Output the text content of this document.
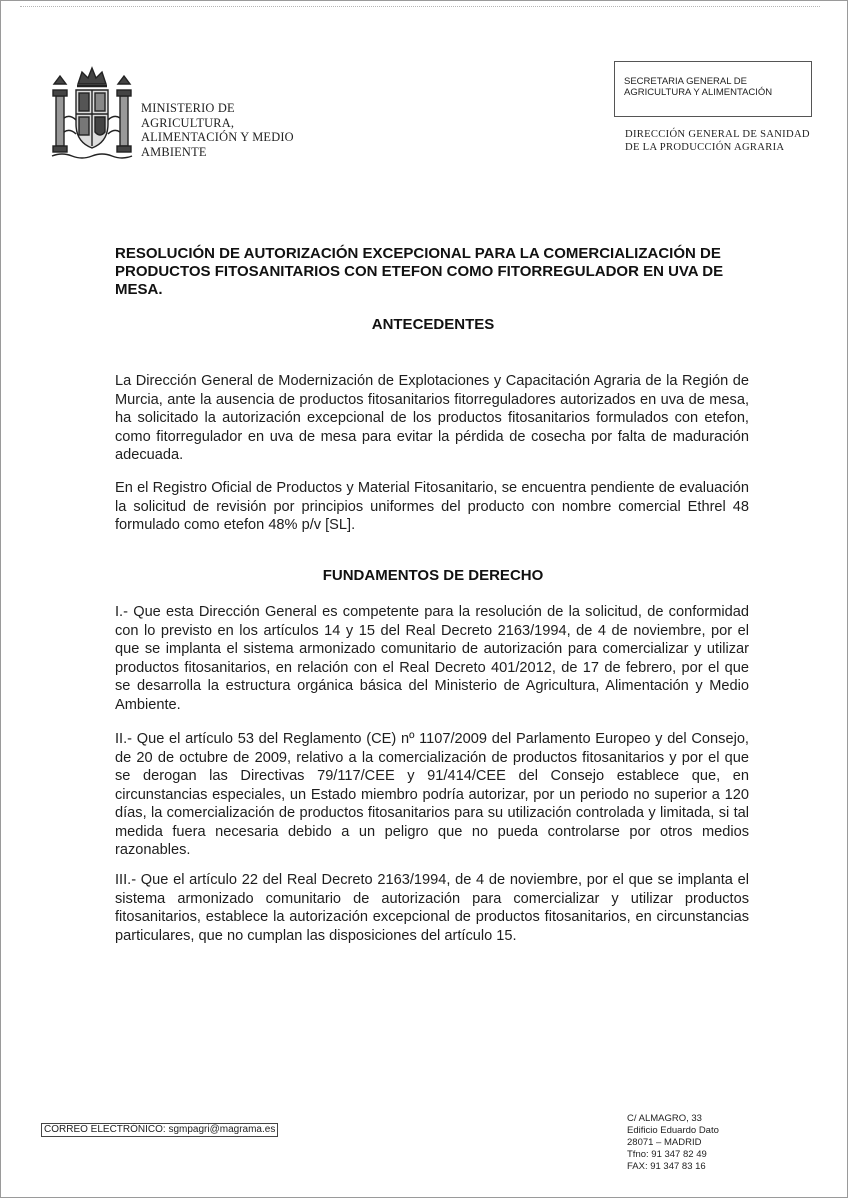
MINISTERIO DE
AGRICULTURA,
ALIMENTACIÓN Y MEDIO
AMBIENTE
SECRETARIA GENERAL DE
AGRICULTURA Y ALIMENTACIÓN
DIRECCIÓN GENERAL DE SANIDAD
DE LA PRODUCCIÓN AGRARIA
RESOLUCIÓN DE AUTORIZACIÓN EXCEPCIONAL PARA LA COMERCIALIZACIÓN DE PRODUCTOS FITOSANITARIOS CON ETEFON COMO FITORREGULADOR EN UVA DE MESA.
ANTECEDENTES
La Dirección General de Modernización de Explotaciones y Capacitación Agraria de la Región de Murcia, ante la ausencia de productos fitosanitarios fitorreguladores autorizados en uva de mesa, ha solicitado la autorización excepcional de los productos fitosanitarios formulados con etefon, como fitorregulador en uva de mesa para evitar la pérdida de cosecha por falta de maduración adecuada.
En el Registro Oficial de Productos y Material Fitosanitario, se encuentra pendiente de evaluación la solicitud de revisión por principios uniformes del producto con nombre comercial Ethrel 48 formulado como etefon 48% p/v [SL].
FUNDAMENTOS DE DERECHO
I.- Que esta Dirección General es competente para la resolución de la solicitud, de conformidad con lo previsto en los artículos 14 y 15 del Real Decreto 2163/1994, de 4 de noviembre, por el que se implanta el sistema armonizado comunitario de autorización para comercializar y utilizar productos fitosanitarios, en relación con el Real Decreto 401/2012, de 17 de febrero, por el que se desarrolla la estructura orgánica básica del Ministerio de Agricultura, Alimentación y Medio Ambiente.
II.- Que el artículo 53 del Reglamento (CE) nº 1107/2009 del Parlamento Europeo y del Consejo, de 20 de octubre de 2009, relativo a la comercialización de productos fitosanitarios y por el que se derogan las Directivas 79/117/CEE y 91/414/CEE del Consejo establece que, en circunstancias especiales, un Estado miembro podría autorizar, por un periodo no superior a 120 días, la comercialización de productos fitosanitarios para su utilización controlada y limitada, si tal medida fuera necesaria debido a un peligro que no pueda controlarse por otros medios razonables.
III.- Que el artículo 22 del Real Decreto 2163/1994, de 4 de noviembre, por el que se implanta el sistema armonizado comunitario de autorización para comercializar y utilizar productos fitosanitarios, establece la autorización excepcional de productos fitosanitarios, en circunstancias particulares, que no cumplan las disposiciones del artículo 15.
CORREO ELECTRÓNICO: sgmpagri@magrama.es
C/ ALMAGRO, 33
Edificio Eduardo Dato
28071 – MADRID
Tfno: 91 347 82 49
FAX: 91 347 83 16
